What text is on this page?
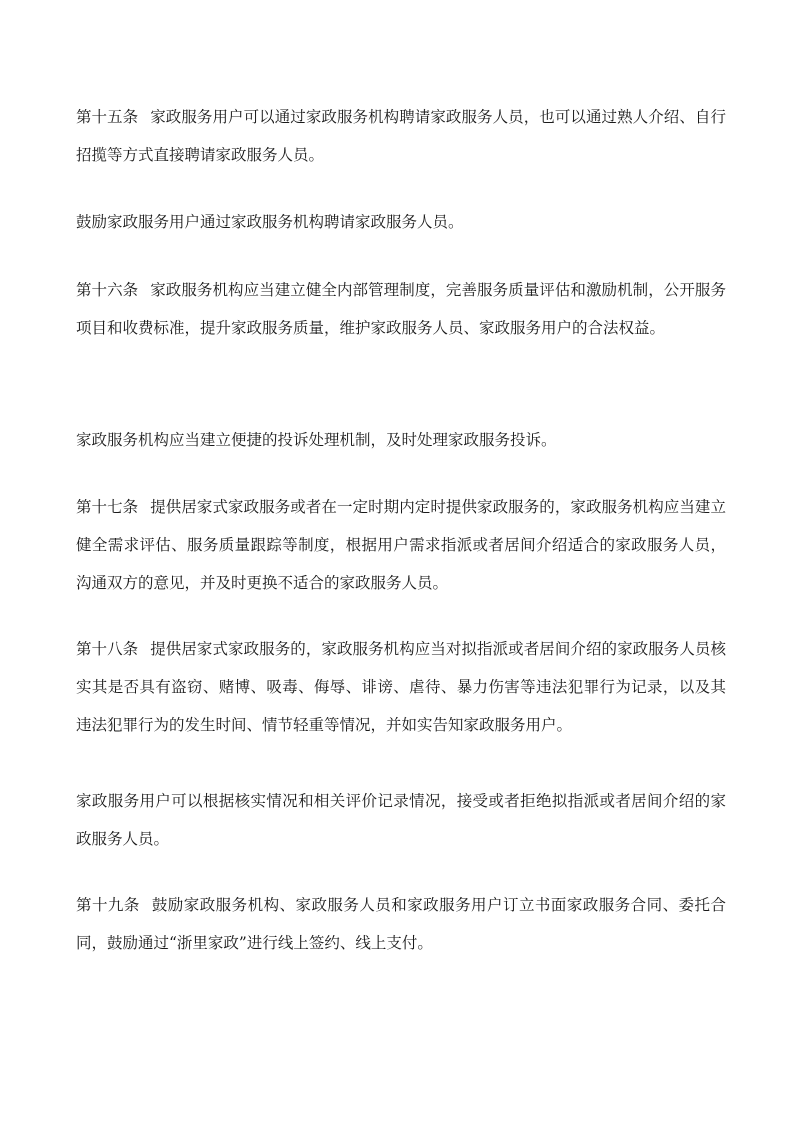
第十五条 家政服务用户可以通过家政服务机构聘请家政服务人员，也可以通过熟人介绍、自行招揽等方式直接聘请家政服务人员。

鼓励家政服务用户通过家政服务机构聘请家政服务人员。

第十六条 家政服务机构应当建立健全内部管理制度，完善服务质量评估和激励机制，公开服务项目和收费标准，提升家政服务质量，维护家政服务人员、家政服务用户的合法权益。

家政服务机构应当建立便捷的投诉处理机制，及时处理家政服务投诉。

第十七条 提供居家式家政服务或者在一定时期内定时提供家政服务的，家政服务机构应当建立健全需求评估、服务质量跟踪等制度，根据用户需求指派或者居间介绍适合的家政服务人员，沟通双方的意见，并及时更换不适合的家政服务人员。

第十八条 提供居家式家政服务的，家政服务机构应当对拟指派或者居间介绍的家政服务人员核实其是否具有盗窃、赌博、吸毒、侮辱、诽谤、虐待、暴力伤害等违法犯罪行为记录，以及其违法犯罪行为的发生时间、情节轻重等情况，并如实告知家政服务用户。

家政服务用户可以根据核实情况和相关评价记录情况，接受或者拒绝拟指派或者居间介绍的家政服务人员。

第十九条 鼓励家政服务机构、家政服务人员和家政服务用户订立书面家政服务合同、委托合同，鼓励通过“浙里家政”进行线上签约、线上支付。
